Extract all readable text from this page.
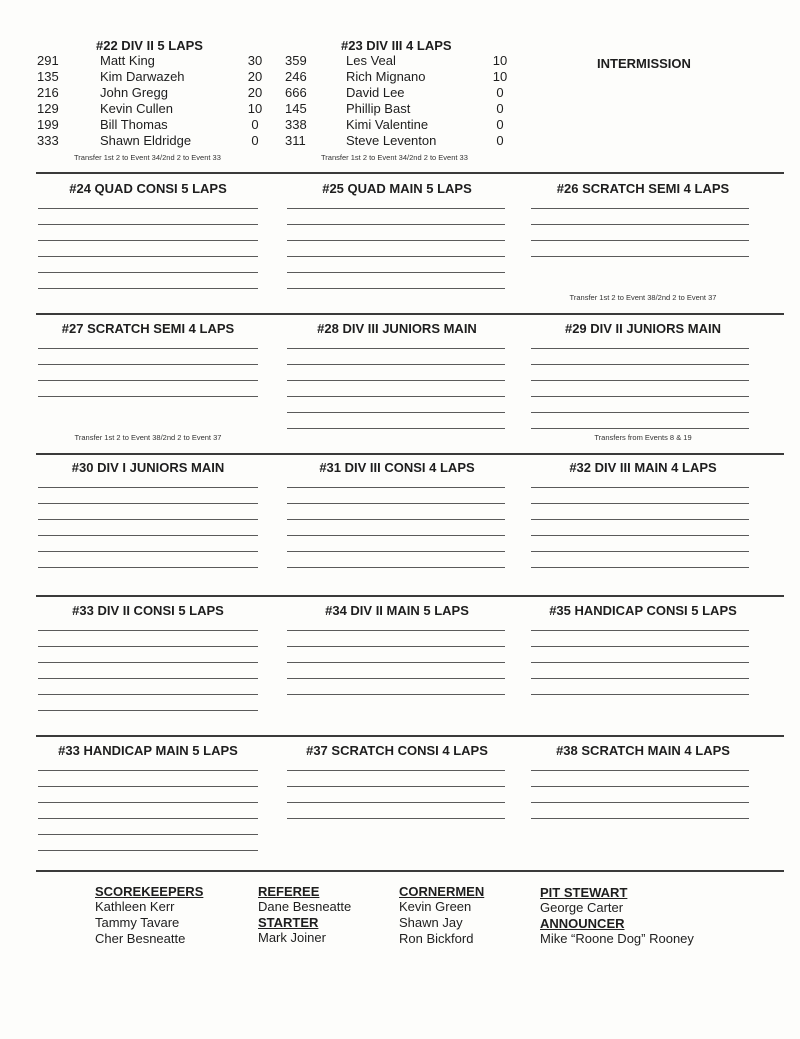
#22 DIV II 5 LAPS
291	Matt King	30
135	Kim Darwazeh	20
216	John Gregg	20
129	Kevin Cullen	10
199	Bill Thomas	0
333	Shawn Eldridge	0
Transfer 1st 2 to Event 34/2nd 2 to Event 33
#23 DIV III 4 LAPS
359	Les Veal	10
246	Rich Mignano	10
666	David Lee	0
145	Phillip Bast	0
338	Kimi Valentine	0
311	Steve Leventon	0
Transfer 1st 2 to Event 34/2nd 2 to Event 33
INTERMISSION
#24 QUAD CONSI 5 LAPS	#25 QUAD MAIN 5 LAPS	#26 SCRATCH SEMI 4 LAPS
Transfer 1st 2 to Event 38/2nd 2 to Event 37
#27 SCRATCH SEMI 4 LAPS
Transfer 1st 2 to Event 38/2nd 2 to Event 37
#28 DIV III JUNIORS MAIN	#29 DIV II JUNIORS MAIN
Transfers from Events 8 & 19
#30 DIV I JUNIORS MAIN	#31 DIV III CONSI 4 LAPS	#32 DIV III MAIN 4 LAPS
#33 DIV II CONSI 5 LAPS	#34 DIV II MAIN 5 LAPS	#35 HANDICAP CONSI 5 LAPS
#33 HANDICAP MAIN 5 LAPS	#37 SCRATCH CONSI 4 LAPS	#38 SCRATCH MAIN 4 LAPS
SCOREKEEPERS
Kathleen Kerr
Tammy Tavare
Cher Besneatte
REFEREE
Dane Besneatte
STARTER
Mark Joiner
CORNERMEN
Kevin Green
Shawn Jay
Ron Bickford
PIT STEWART
George Carter
ANNOUNCER
Mike “Roone Dog” Rooney
